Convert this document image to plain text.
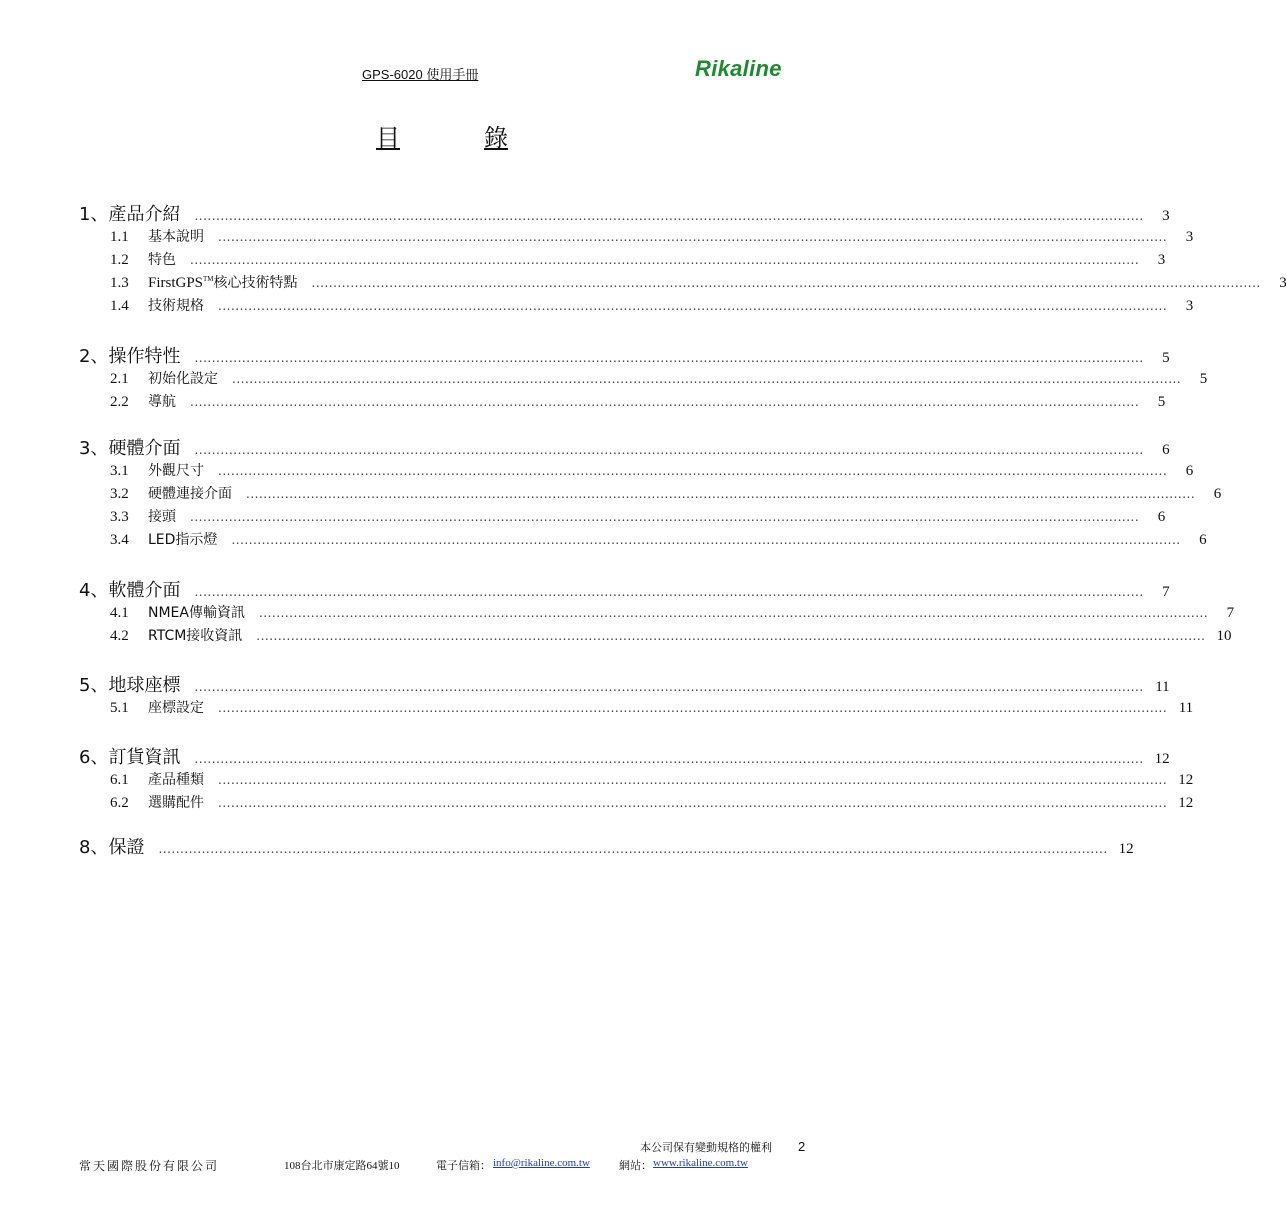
GPS-6020 使用手冊	Rikaline
目	錄
1、產品介紹 ............................................................................................................................................................................................................................	3
1.1 基本說明 ............................................................................................................................................................................................................................	3
1.2 特色 ............................................................................................................................................................................................................................	3
1.3 FirstGPS™核心技術特點 ............................................................................................................................................................................................................................	3
1.4 技術規格 ............................................................................................................................................................................................................................	3
2、操作特性 ............................................................................................................................................................................................................................	5
2.1 初始化設定 ............................................................................................................................................................................................................................	5
2.2 導航 ............................................................................................................................................................................................................................	5
3、硬體介面 ............................................................................................................................................................................................................................	6
3.1 外觀尺寸 ............................................................................................................................................................................................................................	6
3.2 硬體連接介面 ............................................................................................................................................................................................................................	6
3.3 接頭 ............................................................................................................................................................................................................................	6
3.4 LED指示燈 ............................................................................................................................................................................................................................	6
4、軟體介面 ............................................................................................................................................................................................................................	7
4.1 NMEA傳輸資訊 ............................................................................................................................................................................................................................	7
4.2 RTCM接收資訊 ............................................................................................................................................................................................................................ 10
5、地球座標 ............................................................................................................................................................................................................................ 11
5.1 座標設定 ............................................................................................................................................................................................................................ 11
6、訂貨資訊 ............................................................................................................................................................................................................................ 12
6.1 產品種類 ............................................................................................................................................................................................................................ 12
6.2 選購配件 ............................................................................................................................................................................................................................ 12
8、保證 ............................................................................................................................................................................................................................ 12
本公司保有變動規格的權利 2
常天國際股份有限公司	108台北市康定路64號10	電子信箱： info@rikaline.com.tw	網站： www.rikaline.com.tw
